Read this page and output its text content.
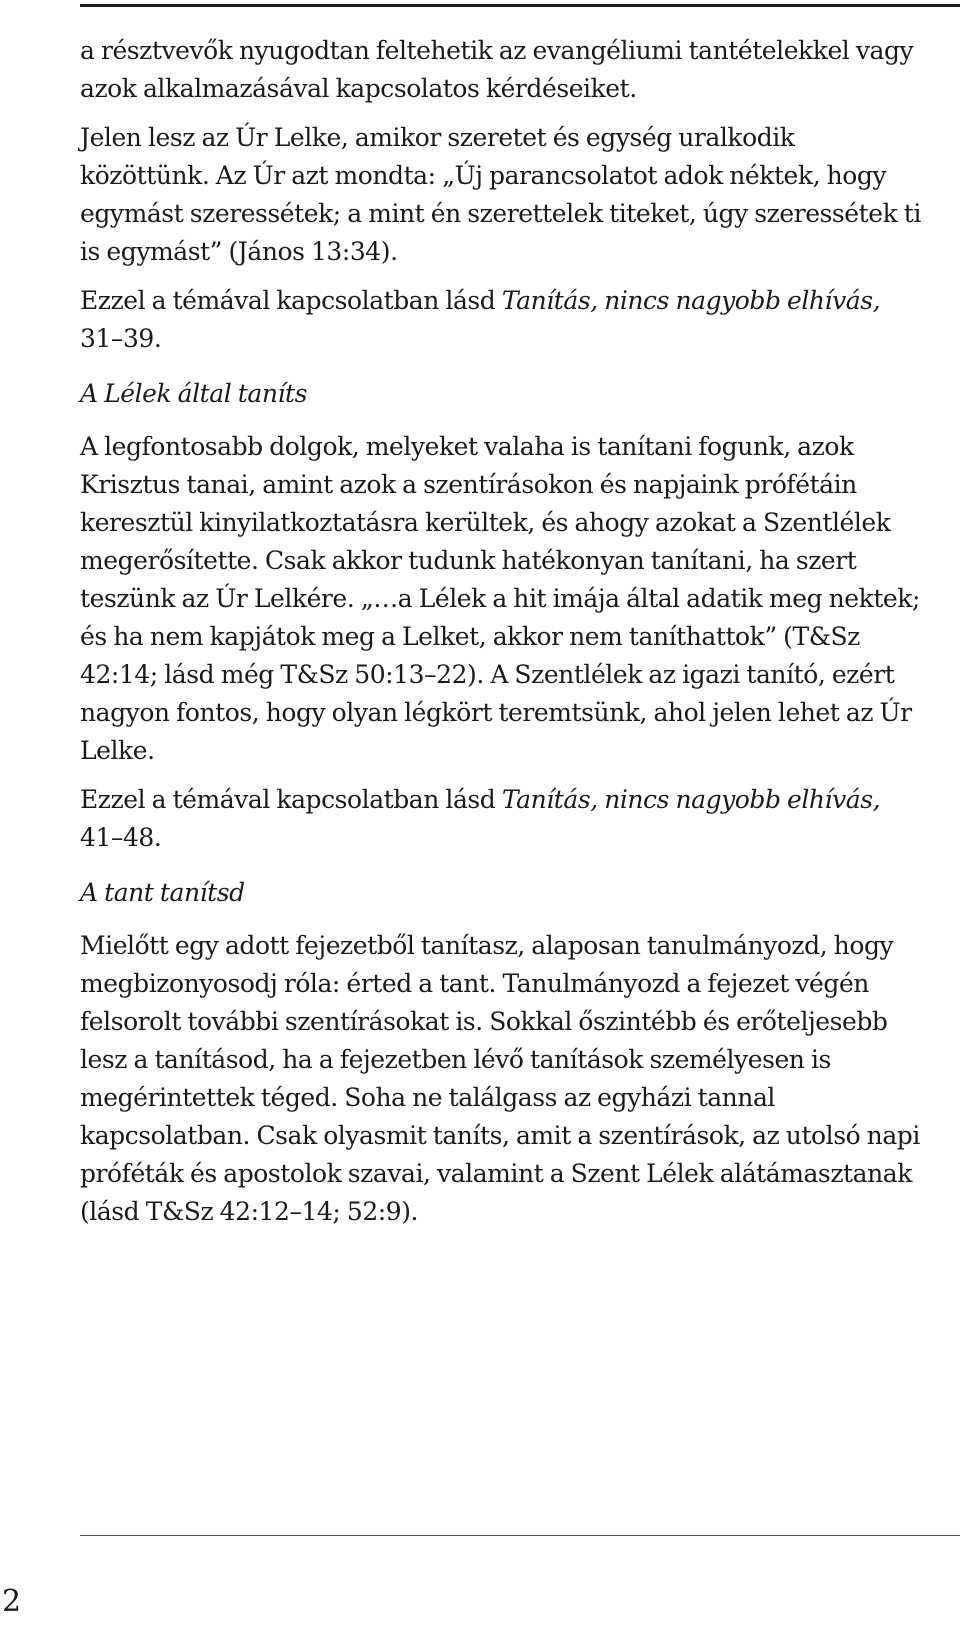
a résztvevők nyugodtan feltehetik az evangéliumi tantételekkel vagy azok alkalmazásával kapcsolatos kérdéseiket.

Jelen lesz az Úr Lelke, amikor szeretet és egység uralkodik közöttünk. Az Úr azt mondta: „Új parancsolatot adok néktek, hogy egymást szeressétek; a mint én szerettelek titeket, úgy szeressétek ti is egymást” (János 13:34).

Ezzel a témával kapcsolatban lásd Tanítás, nincs nagyobb elhívás, 31–39.

A Lélek által taníts

A legfontosabb dolgok, melyeket valaha is tanítani fogunk, azok Krisztus tanai, amint azok a szentírásokon és napjaink prófétáin keresztül kinyilatkoztatásra kerültek, és ahogy azokat a Szentlélek megerősítette. Csak akkor tudunk hatékonyan tanítani, ha szert teszünk az Úr Lelkére. „…a Lélek a hit imája által adatik meg nektek; és ha nem kapjátok meg a Lelket, akkor nem taníthattok” (T&Sz 42:14; lásd még T&Sz 50:13–22). A Szentlélek az igazi tanító, ezért nagyon fontos, hogy olyan légkört teremtsünk, ahol jelen lehet az Úr Lelke.

Ezzel a témával kapcsolatban lásd Tanítás, nincs nagyobb elhívás, 41–48.

A tant tanítsd

Mielőtt egy adott fejezetből tanítasz, alaposan tanulmányozd, hogy megbizonyosodj róla: érted a tant. Tanulmányozd a fejezet végén felsorolt további szentírásokat is. Sokkal őszintébb és erőteljesebb lesz a tanításod, ha a fejezetben lévő tanítások személyesen is megérintettek téged. Soha ne találgass az egyházi tannal kapcsolatban. Csak olyasmit taníts, amit a szentírások, az utolsó napi próféták és apostolok szavai, valamint a Szent Lélek alátámasztanak (lásd T&Sz 42:12–14; 52:9).

2
